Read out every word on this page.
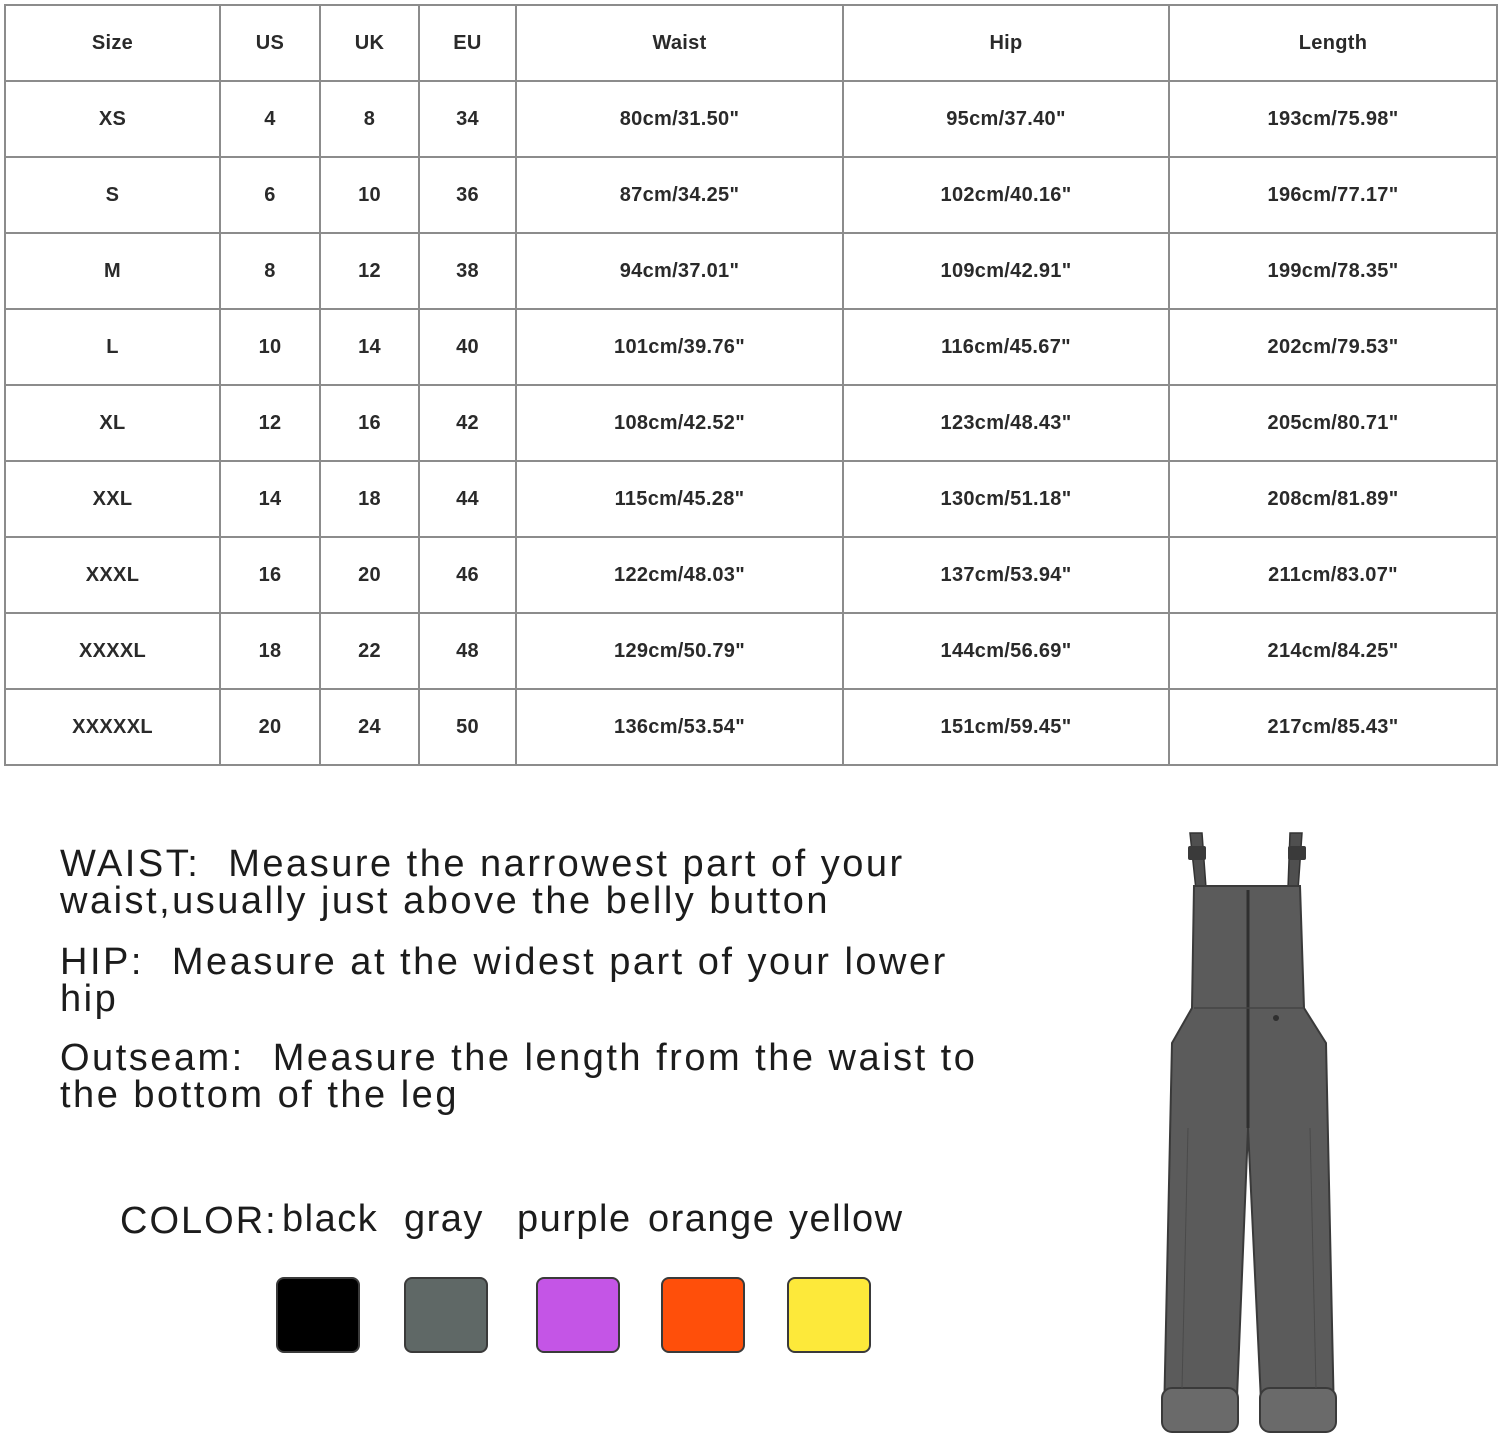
Size	US	UK	EU	Waist	Hip	Length
XS	4	8	34	80cm/31.50"	95cm/37.40"	193cm/75.98"
S	6	10	36	87cm/34.25"	102cm/40.16"	196cm/77.17"
M	8	12	38	94cm/37.01"	109cm/42.91"	199cm/78.35"
L	10	14	40	101cm/39.76"	116cm/45.67"	202cm/79.53"
XL	12	16	42	108cm/42.52"	123cm/48.43"	205cm/80.71"
XXL	14	18	44	115cm/45.28"	130cm/51.18"	208cm/81.89"
XXXL	16	20	46	122cm/48.03"	137cm/53.94"	211cm/83.07"
XXXXL	18	22	48	129cm/50.79"	144cm/56.69"	214cm/84.25"
XXXXXL	20	24	50	136cm/53.54"	151cm/59.45"	217cm/85.43"

WAIST: Measure the narrowest part of your waist,usually just above the belly button

HIP: Measure at the widest part of your lower hip

Outseam: Measure the length from the waist to the bottom of the leg

COLOR: black gray purple orange yellow
